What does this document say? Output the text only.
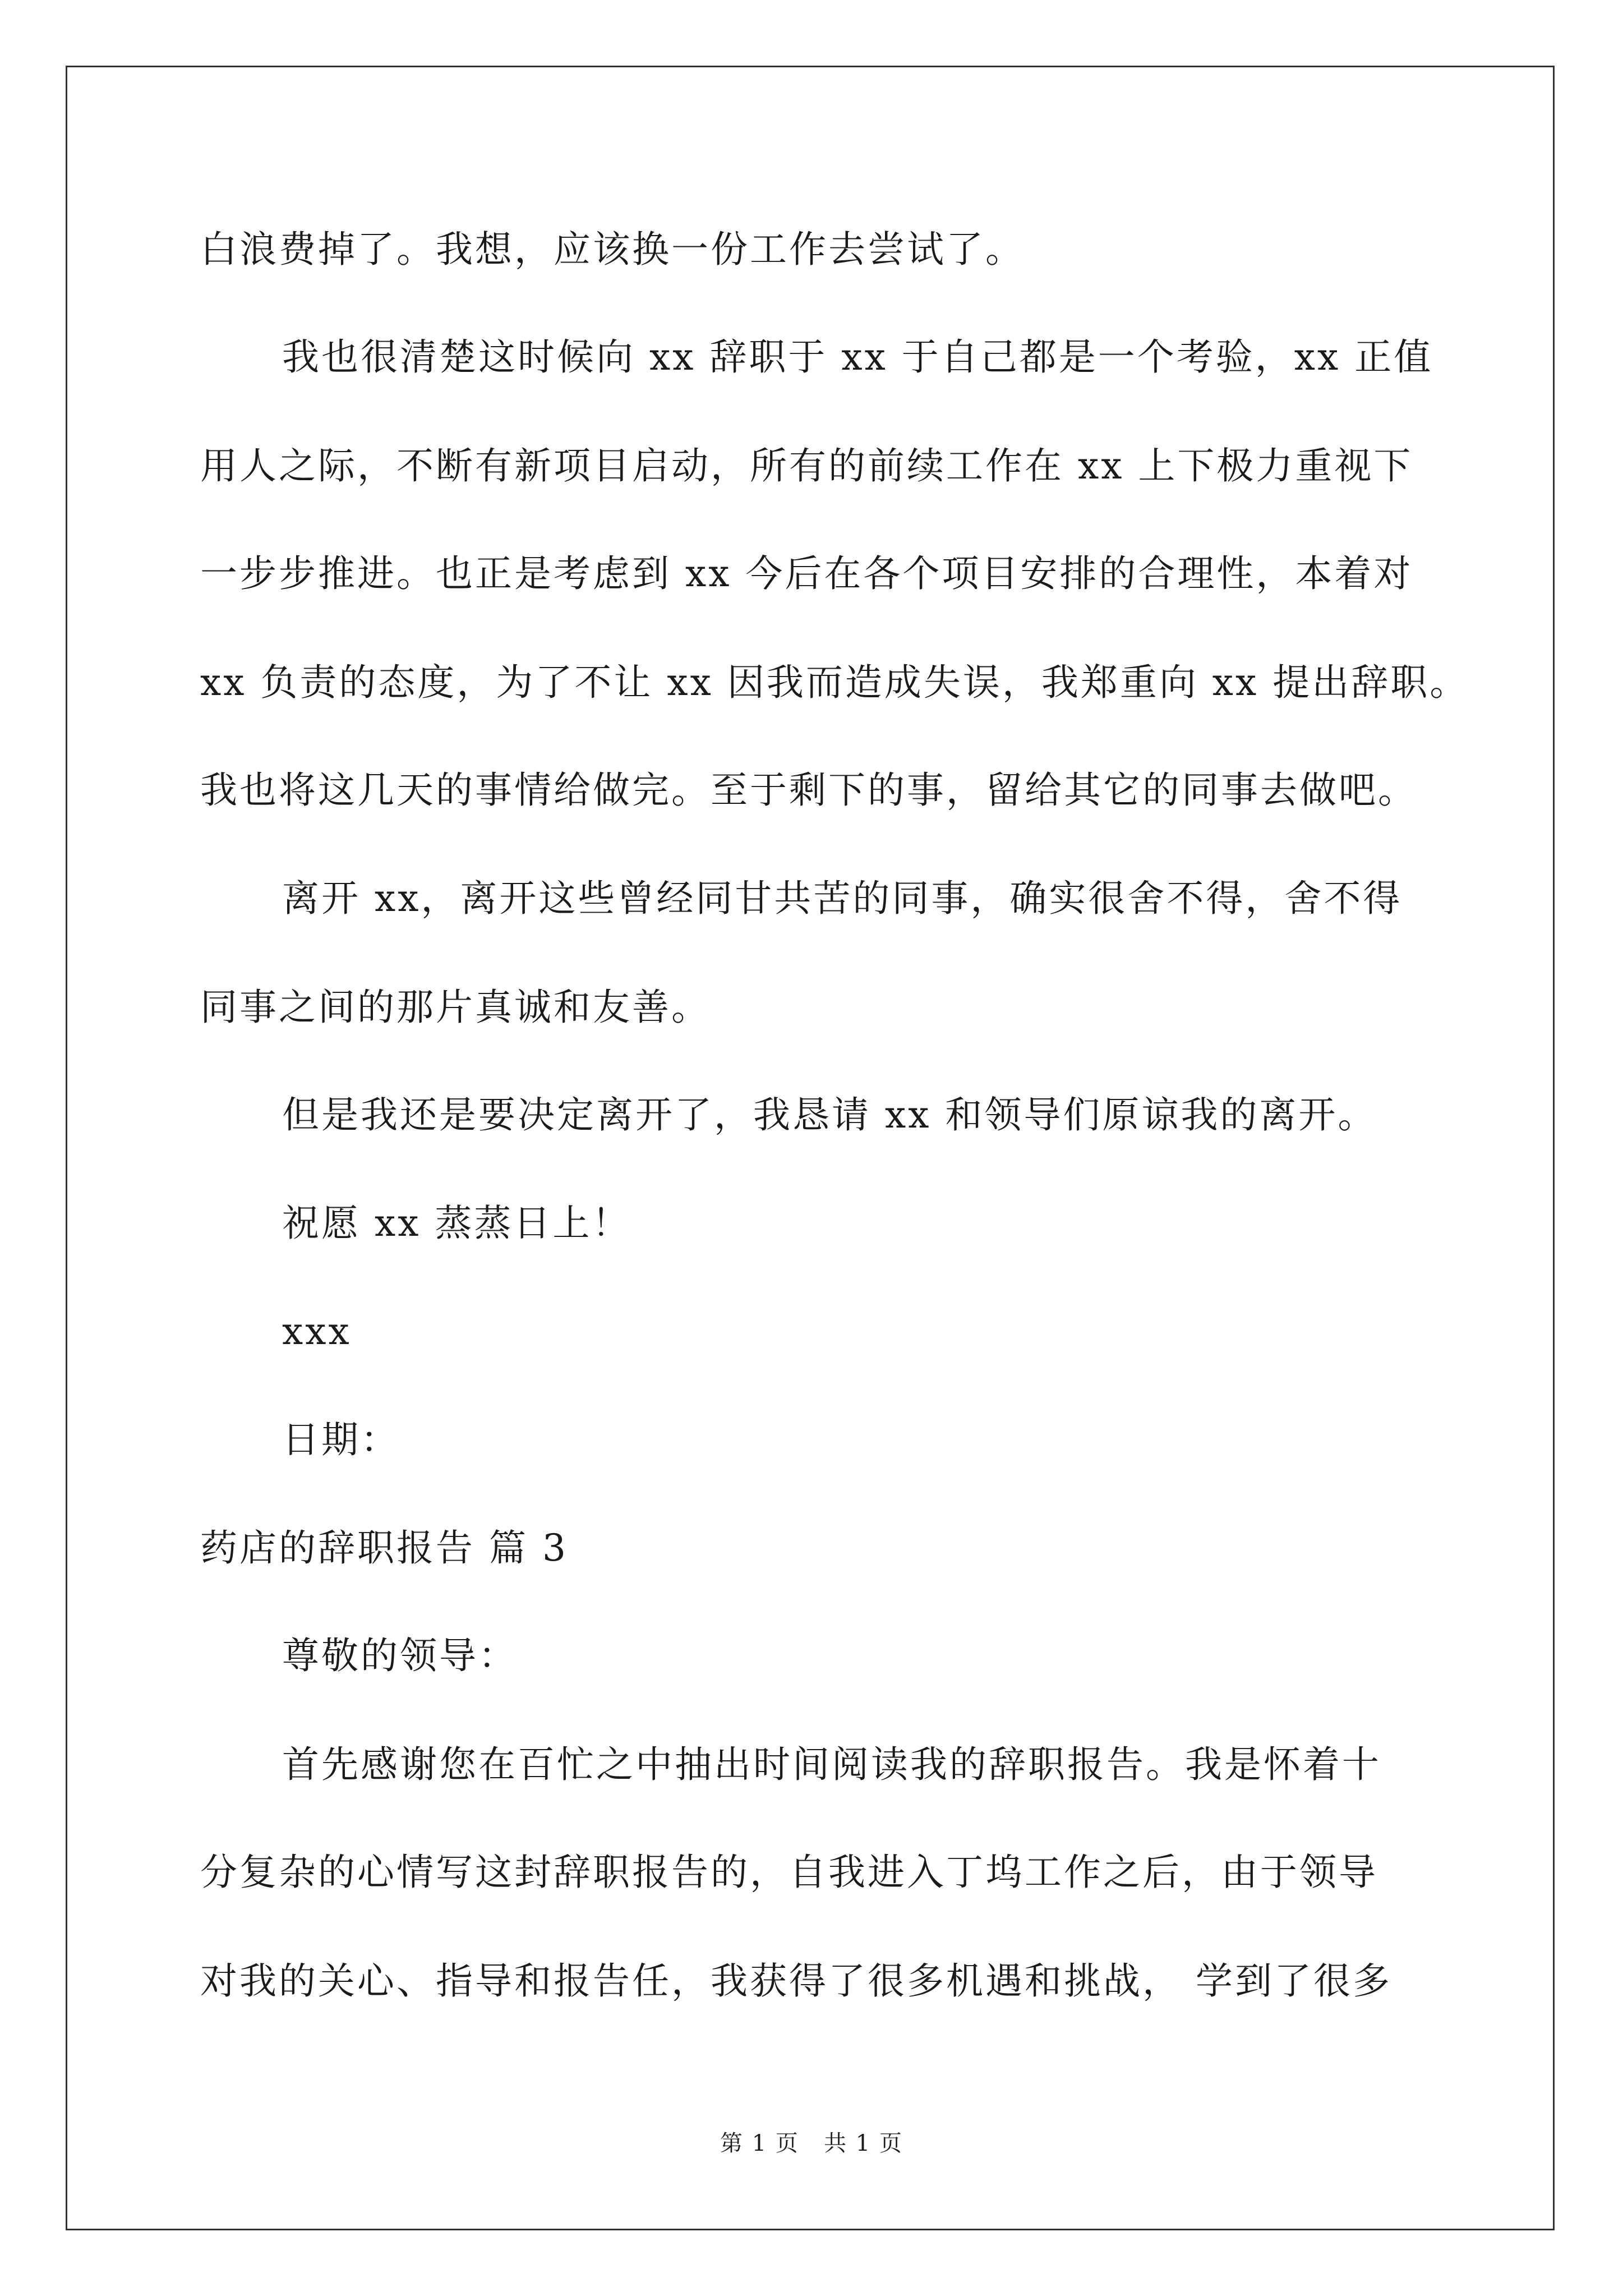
白浪费掉了。我想，应该换一份工作去尝试了。
我也很清楚这时候向 xx 辞职于 xx 于自己都是一个考验，xx 正值
用人之际，不断有新项目启动，所有的前续工作在 xx 上下极力重视下
一步步推进。也正是考虑到 xx 今后在各个项目安排的合理性，本着对
xx 负责的态度，为了不让 xx 因我而造成失误，我郑重向 xx 提出辞职。
我也将这几天的事情给做完。至于剩下的事，留给其它的同事去做吧。
离开 xx，离开这些曾经同甘共苦的同事，确实很舍不得，舍不得
同事之间的那片真诚和友善。
但是我还是要决定离开了，我恳请 xx 和领导们原谅我的离开。
祝愿 xx 蒸蒸日上！
xxx
日期：
药店的辞职报告 篇 3
尊敬的领导：
首先感谢您在百忙之中抽出时间阅读我的辞职报告。我是怀着十
分复杂的心情写这封辞职报告的，自我进入丁坞工作之后，由于领导
对我的关心、指导和报告任，我获得了很多机遇和挑战， 学到了很多
第 1 页   共 1 页
